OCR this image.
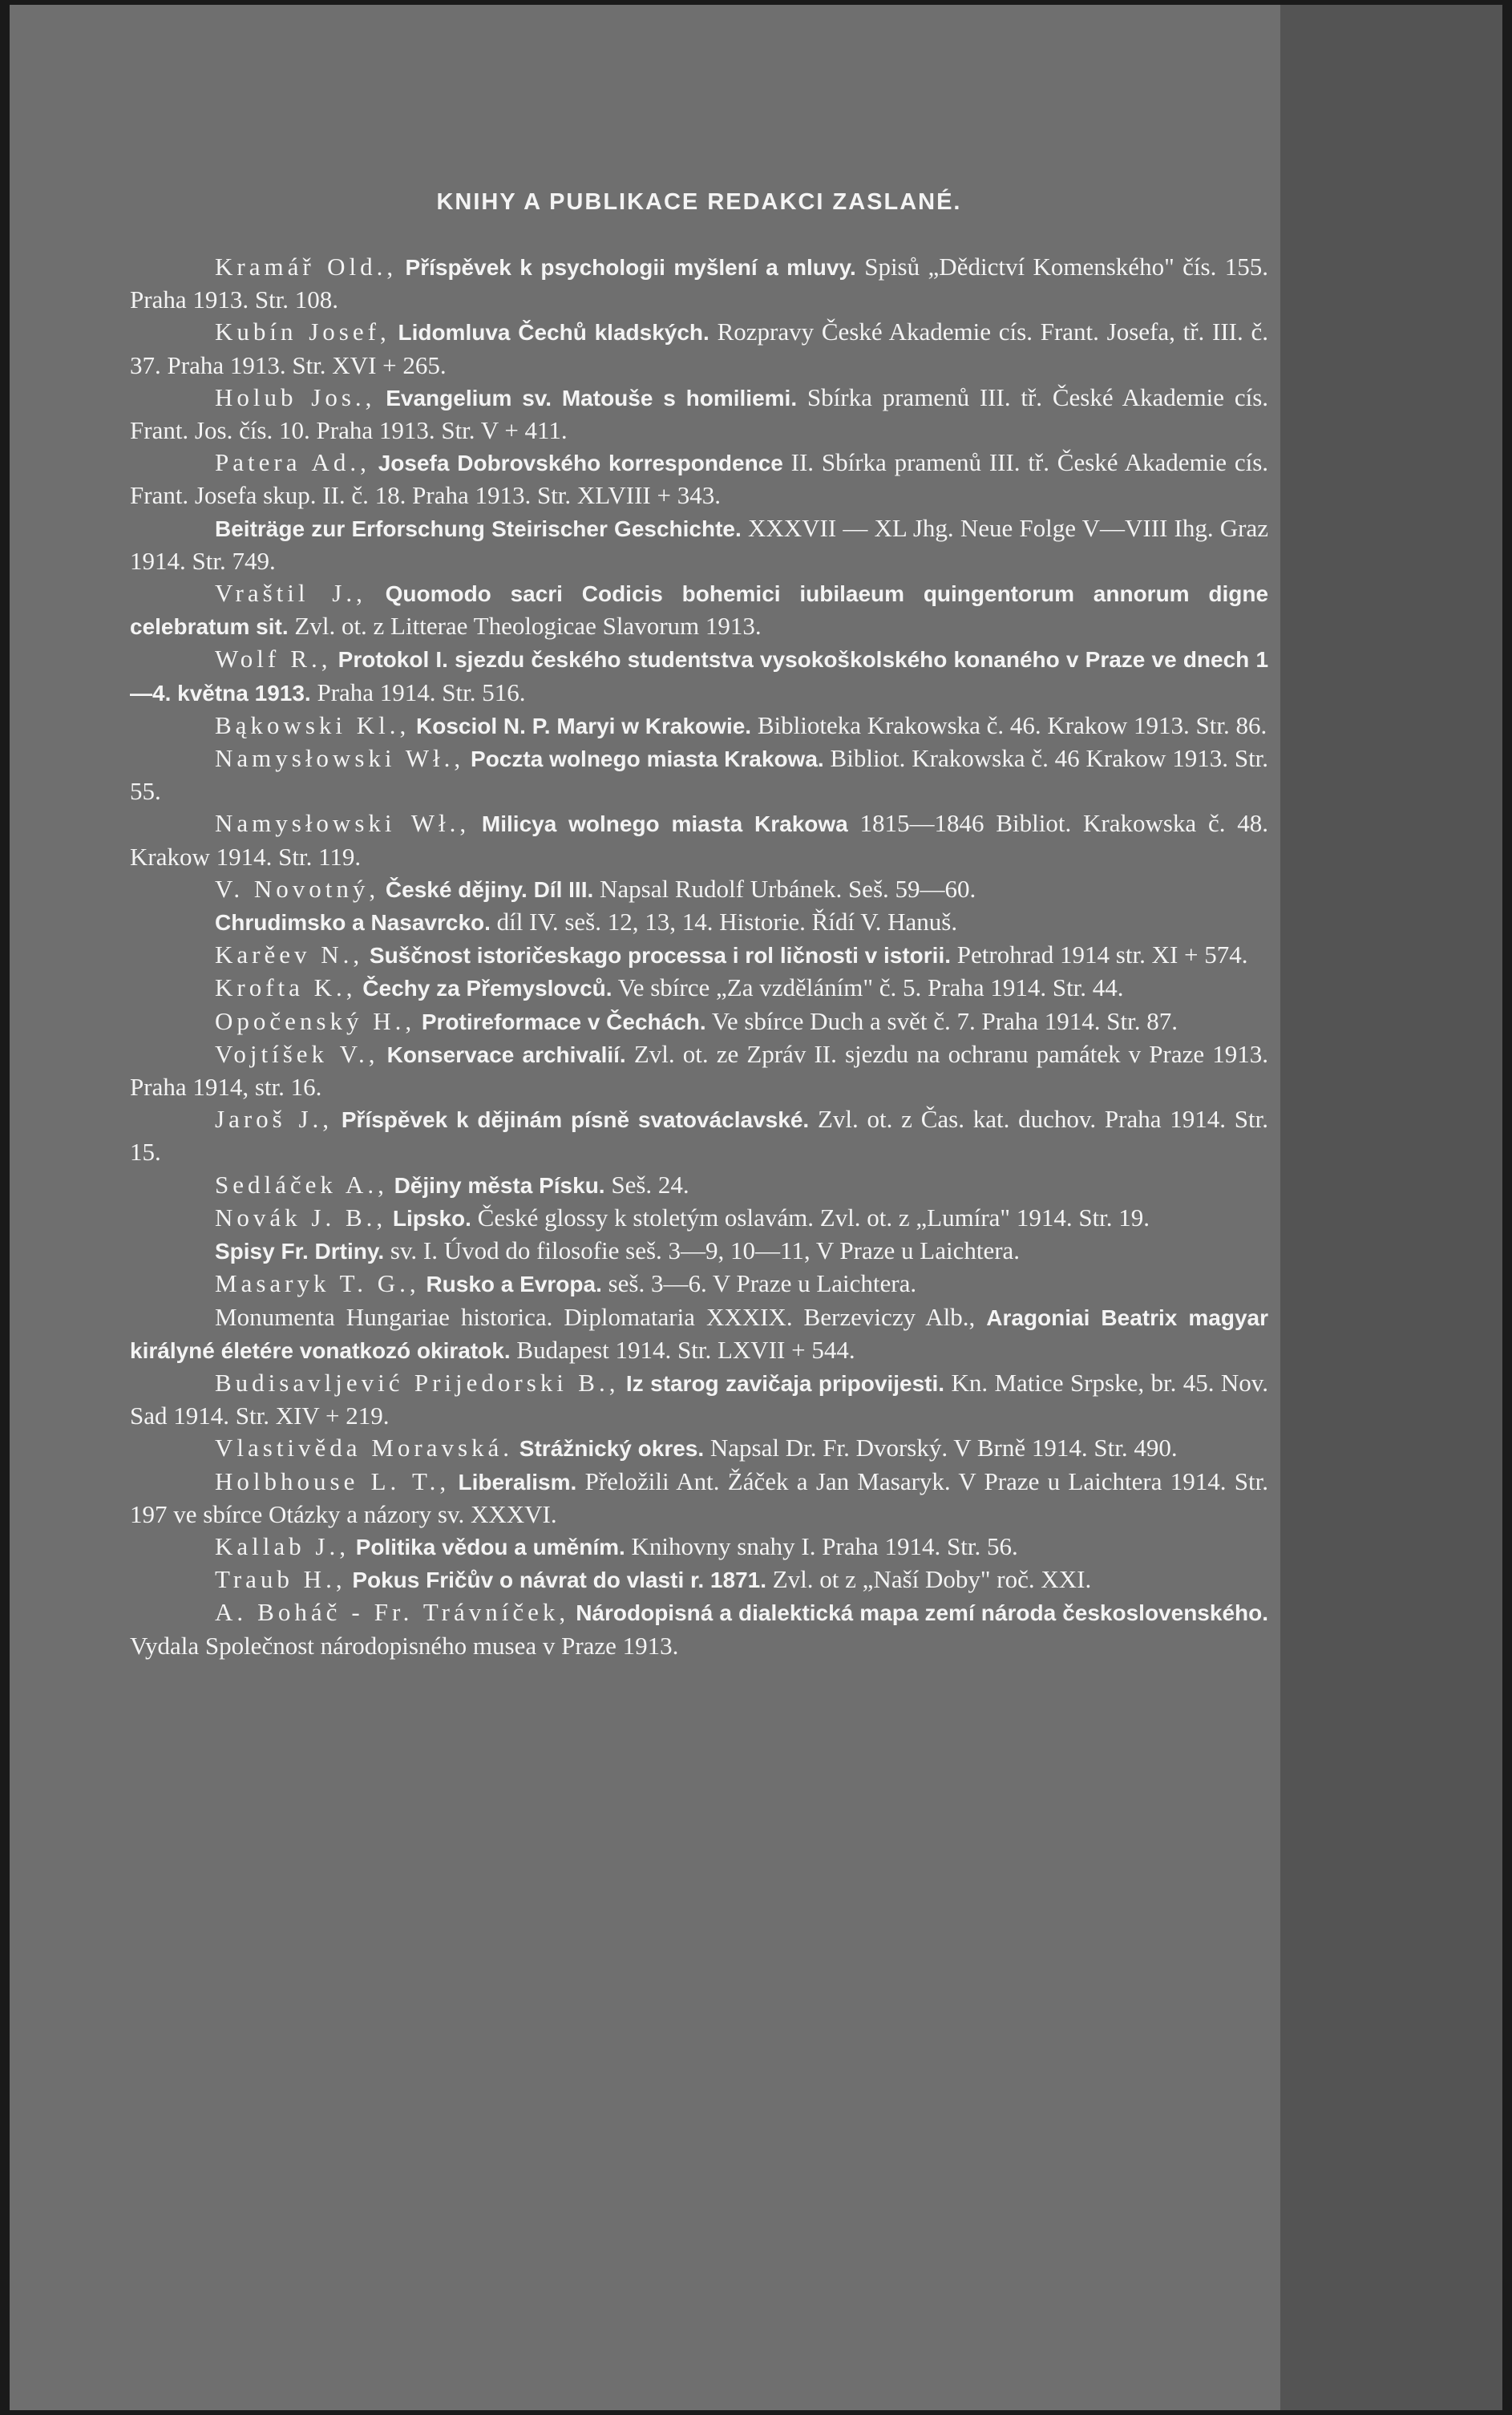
KNIHY A PUBLIKACE REDAKCI ZASLANÉ.

Kramář Old., Příspěvek k psychologii myšlení a mluvy. Spisů „Dědictví Komenského" čís. 155. Praha 1913. Str. 108.

Kubín Josef, Lidomluva Čechů kladských. Rozpravy České Akademie cís. Frant. Josefa, tř. III. č. 37. Praha 1913. Str. XVI + 265.

Holub Jos., Evangelium sv. Matouše s homiliemi. Sbírka pramenů III. tř. České Akademie cís. Frant. Jos. čís. 10. Praha 1913. Str. V + 411.

Patera Ad., Josefa Dobrovského korrespondence II. Sbírka pramenů III. tř. České Akademie cís. Frant. Josefa skup. II. č. 18. Praha 1913. Str. XLVIII + 343.

Beiträge zur Erforschung Steirischer Geschichte. XXXVII — XL Jhg. Neue Folge V—VIII Ihg. Graz 1914. Str. 749.

Vraštil J., Quomodo sacri Codicis bohemici iubilaeum quingentorum annorum digne celebratum sit. Zvl. ot. z Litterae Theologicae Slavorum 1913.

Wolf R., Protokol I. sjezdu českého studentstva vysokoškolského konaného v Praze ve dnech 1—4. května 1913. Praha 1914. Str. 516.

Bąkowski Kl., Kosciol N. P. Maryi w Krakowie. Biblioteka Krakowska č. 46. Krakow 1913. Str. 86.

Namysłowski Wł., Poczta wolnego miasta Krakowa. Bibliot. Krakowska č. 46 Krakow 1913. Str. 55.

Namysłowski Wł., Milicya wolnego miasta Krakowa 1815—1846 Bibliot. Krakowska č. 48. Krakow 1914. Str. 119.

V. Novotný, České dějiny. Díl III. Napsal Rudolf Urbánek. Seš. 59—60.

Chrudimsko a Nasavrcko. díl IV. seš. 12, 13, 14. Historie. Řídí V. Hanuš.

Karěev N., Suščnost istoričeskago processa i rol ličnosti v istorii. Petrohrad 1914 str. XI + 574.

Krofta K., Čechy za Přemyslovců. Ve sbírce „Za vzděláním" č. 5. Praha 1914. Str. 44.

Opočenský H., Protireformace v Čechách. Ve sbírce Duch a svět č. 7. Praha 1914. Str. 87.

Vojtíšek V., Konservace archivalií. Zvl. ot. ze Zpráv II. sjezdu na ochranu památek v Praze 1913. Praha 1914, str. 16.

Jaroš J., Příspěvek k dějinám písně svatováclavské. Zvl. ot. z Čas. kat. duchov. Praha 1914. Str. 15.

Sedláček A., Dějiny města Písku. Seš. 24.

Novák J. B., Lipsko. České glossy k stoletým oslavám. Zvl. ot. z „Lumíra" 1914. Str. 19.

Spisy Fr. Drtiny. sv. I. Úvod do filosofie seš. 3—9, 10—11, V Praze u Laichtera.

Masaryk T. G., Rusko a Evropa. seš. 3—6. V Praze u Laichtera.

Monumenta Hungariae historica. Diplomataria XXXIX. Berzeviczy Alb., Aragoniai Beatrix magyar királyné életére vonatkozó okiratok. Budapest 1914. Str. LXVII + 544.

Budisavljević Prijedorski B., Iz starog zavičaja pripovijesti. Kn. Matice Srpske, br. 45. Nov. Sad 1914. Str. XIV + 219.

Vlastivěda Moravská. Strážnický okres. Napsal Dr. Fr. Dvorský. V Brně 1914. Str. 490.

Holbhouse L. T., Liberalism. Přeložili Ant. Žáček a Jan Masaryk. V Praze u Laichtera 1914. Str. 197 ve sbírce Otázky a názory sv. XXXVI.

Kallab J., Politika vědou a uměním. Knihovny snahy I. Praha 1914. Str. 56.

Traub H., Pokus Fričův o návrat do vlasti r. 1871. Zvl. ot z „Naší Doby" roč. XXI.

A. Boháč - Fr. Trávníček, Národopisná a dialektická mapa zemí národa československého. Vydala Společnost národopisného musea v Praze 1913.
